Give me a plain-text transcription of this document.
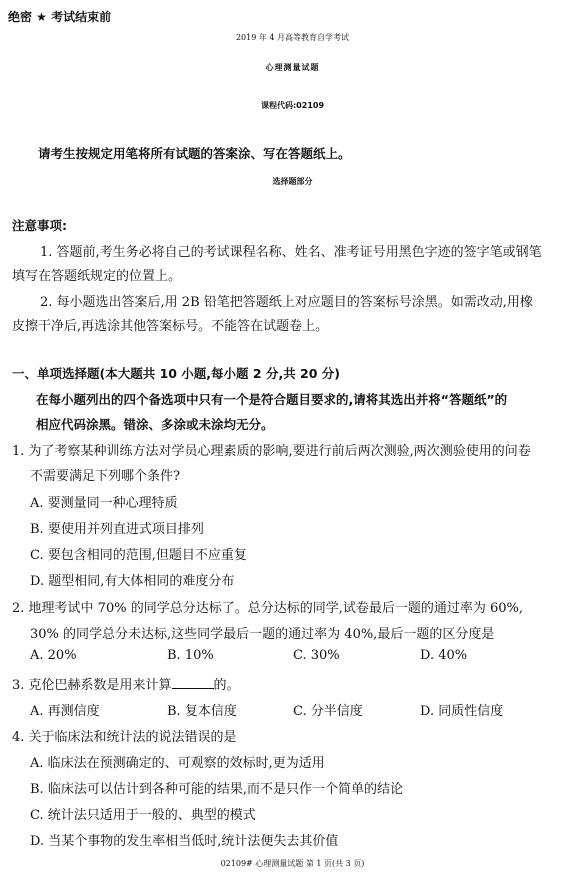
绝密 ★ 考试结束前
2019 年 4 月高等教育自学考试
心理测量试题
课程代码:02109
请考生按规定用笔将所有试题的答案涂、写在答题纸上。
选择题部分
注意事项:
1. 答题前,考生务必将自己的考试课程名称、姓名、准考证号用黑色字迹的签字笔或钢笔
填写在答题纸规定的位置上。
2. 每小题选出答案后,用 2B 铅笔把答题纸上对应题目的答案标号涂黑。如需改动,用橡
皮擦干净后,再选涂其他答案标号。不能答在试题卷上。
一、单项选择题(本大题共 10 小题,每小题 2 分,共 20 分)
在每小题列出的四个备选项中只有一个是符合题目要求的,请将其选出并将“答题纸”的
相应代码涂黑。错涂、多涂或未涂均无分。
1. 为了考察某种训练方法对学员心理素质的影响,要进行前后两次测验,两次测验使用的问卷
不需要满足下列哪个条件?
A. 要测量同一种心理特质
B. 要使用并列直进式项目排列
C. 要包含相同的范围,但题目不应重复
D. 题型相同,有大体相同的难度分布
2. 地理考试中 70% 的同学总分达标了。总分达标的同学,试卷最后一题的通过率为 60%,
30% 的同学总分未达标,这些同学最后一题的通过率为 40%,最后一题的区分度是
A. 20%	B. 10%	C. 30%	D. 40%
3. 克伦巴赫系数是用来计算	的。
A. 再测信度	B. 复本信度	C. 分半信度	D. 同质性信度
4. 关于临床法和统计法的说法错误的是
A. 临床法在预测确定的、可观察的效标时,更为适用
B. 临床法可以估计到各种可能的结果,而不是只作一个简单的结论
C. 统计法只适用于一般的、典型的模式
D. 当某个事物的发生率相当低时,统计法便失去其价值
02109# 心理测量试题 第 1 页(共 3 页)
